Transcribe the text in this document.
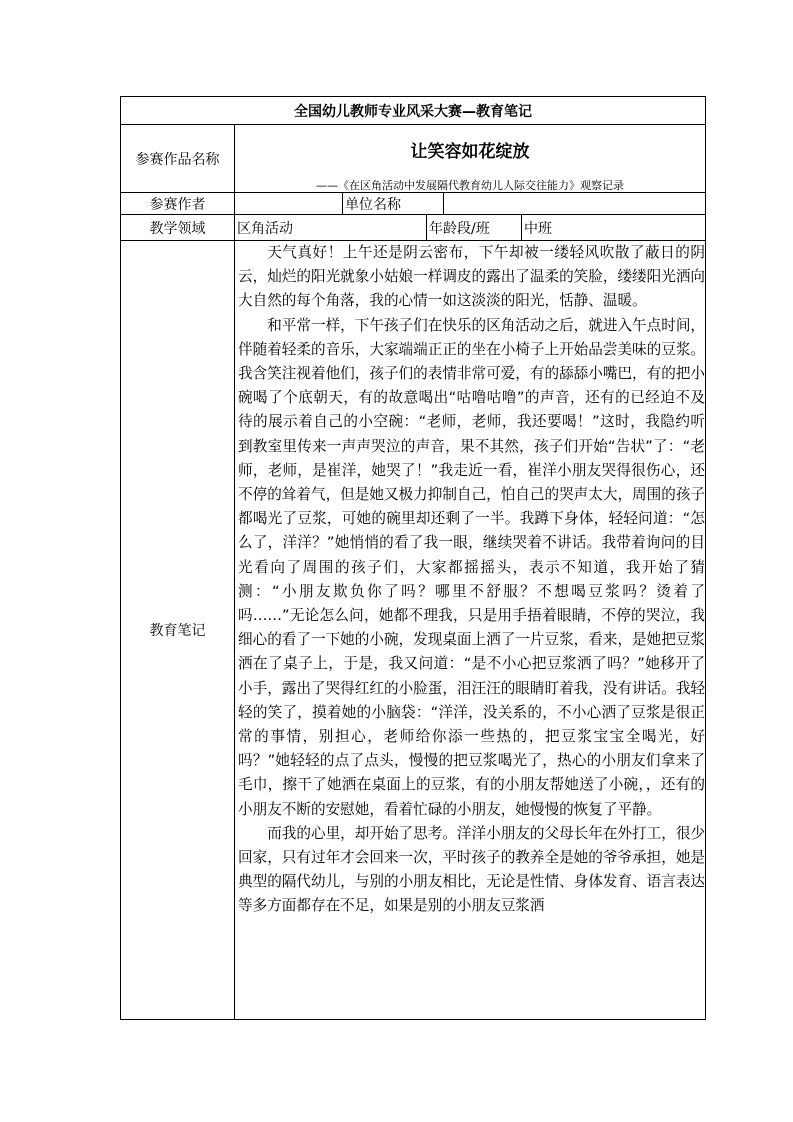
全国幼儿教师专业风采大赛—教育笔记
参赛作品名称	让笑容如花绽放
——《在区角活动中发展隔代教育幼儿人际交往能力》观察记录
参赛作者	单位名称
教学领域	区角活动	年龄段/班	中班
教育笔记

天气真好！上午还是阴云密布，下午却被一缕轻风吹散了蔽日的阴云，灿烂的阳光就象小姑娘一样调皮的露出了温柔的笑脸，缕缕阳光洒向大自然的每个角落，我的心情一如这淡淡的阳光，恬静、温暖。

和平常一样，下午孩子们在快乐的区角活动之后，就进入午点时间，伴随着轻柔的音乐，大家端端正正的坐在小椅子上开始品尝美味的豆浆。我含笑注视着他们，孩子们的表情非常可爱，有的舔舔小嘴巴，有的把小碗喝了个底朝天，有的故意喝出“咕噜咕噜”的声音，还有的已经迫不及待的展示着自己的小空碗：“老师，老师，我还要喝！”这时，我隐约听到教室里传来一声声哭泣的声音，果不其然，孩子们开始“告状”了：“老师，老师，是崔洋，她哭了！”我走近一看，崔洋小朋友哭得很伤心，还不停的耸着气，但是她又极力抑制自己，怕自己的哭声太大，周围的孩子都喝光了豆浆，可她的碗里却还剩了一半。我蹲下身体，轻轻问道：“怎么了，洋洋？”她悄悄的看了我一眼，继续哭着不讲话。我带着询问的目光看向了周围的孩子们，大家都摇摇头，表示不知道，我开始了猜测：“小朋友欺负你了吗？哪里不舒服？不想喝豆浆吗？烫着了吗……”无论怎么问，她都不理我，只是用手捂着眼睛，不停的哭泣，我细心的看了一下她的小碗，发现桌面上洒了一片豆浆，看来，是她把豆浆洒在了桌子上，于是，我又问道：“是不小心把豆浆洒了吗？”她移开了小手，露出了哭得红红的小脸蛋，泪汪汪的眼睛盯着我，没有讲话。我轻轻的笑了，摸着她的小脑袋：“洋洋，没关系的，不小心洒了豆浆是很正常的事情，别担心，老师给你添一些热的，把豆浆宝宝全喝光，好吗？”她轻轻的点了点头，慢慢的把豆浆喝光了，热心的小朋友们拿来了毛巾，擦干了她洒在桌面上的豆浆，有的小朋友帮她送了小碗，，还有的小朋友不断的安慰她，看着忙碌的小朋友，她慢慢的恢复了平静。

而我的心里，却开始了思考。洋洋小朋友的父母长年在外打工，很少回家，只有过年才会回来一次，平时孩子的教养全是她的爷爷承担，她是典型的隔代幼儿，与别的小朋友相比，无论是性情、身体发育、语言表达等多方面都存在不足，如果是别的小朋友豆浆洒
